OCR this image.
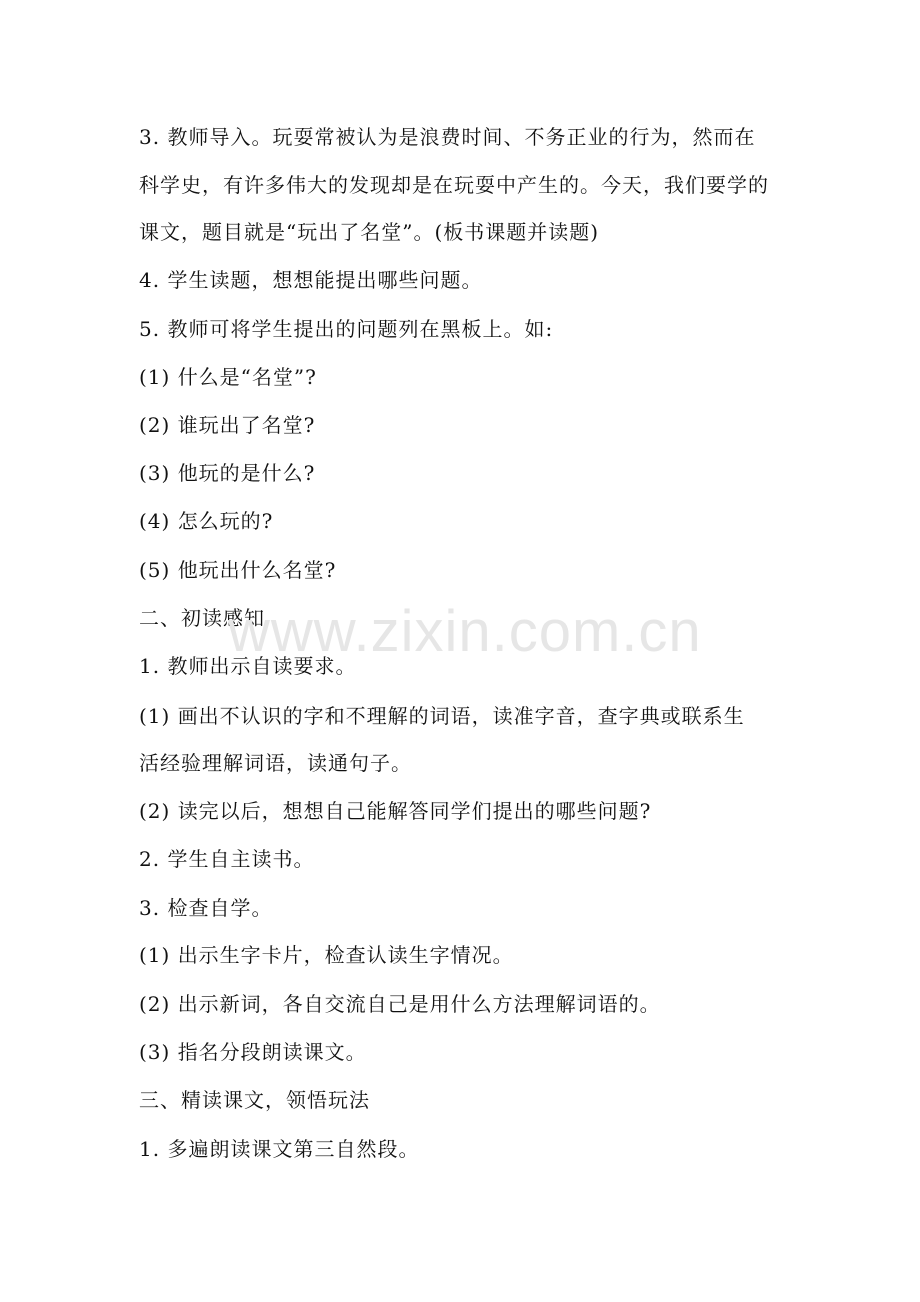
3. 教师导入。玩耍常被认为是浪费时间、不务正业的行为，然而在

科学史，有许多伟大的发现却是在玩耍中产生的。今天，我们要学的

课文，题目就是“玩出了名堂”。(板书课题并读题)

4. 学生读题，想想能提出哪些问题。

5. 教师可将学生提出的问题列在黑板上。如:

(1) 什么是“名堂”?

(2) 谁玩出了名堂?

(3) 他玩的是什么?

(4) 怎么玩的?

(5) 他玩出什么名堂?

二、初读感知

1. 教师出示自读要求。

(1) 画出不认识的字和不理解的词语，读准字音，查字典或联系生

活经验理解词语，读通句子。

(2) 读完以后，想想自己能解答同学们提出的哪些问题?

2. 学生自主读书。

3. 检查自学。

(1) 出示生字卡片，检查认读生字情况。

(2) 出示新词，各自交流自己是用什么方法理解词语的。

(3) 指名分段朗读课文。

三、精读课文，领悟玩法

1. 多遍朗读课文第三自然段。

www.zixin.com.cn
